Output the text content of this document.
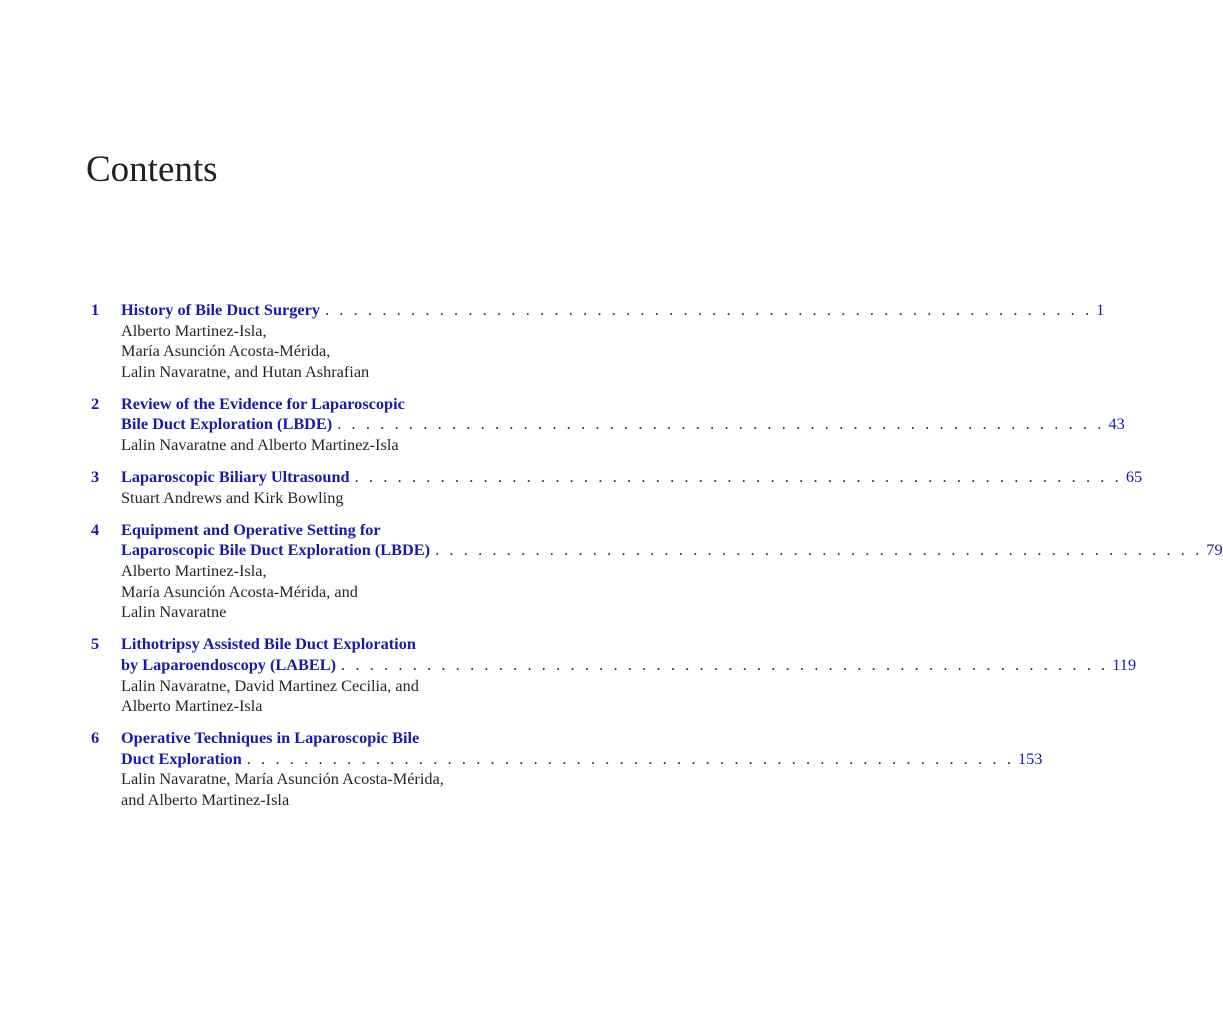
Contents
1 History of Bile Duct Surgery . . . . . . . . . . . . . . . . . . . . . . . . . . . . . . . . . . . . . . . . . . . . . . . . . . . . . . 1
Alberto Martinez-Isla,
María Asunción Acosta-Mérida,
Lalin Navaratne, and Hutan Ashrafian
2 Review of the Evidence for Laparoscopic
Bile Duct Exploration (LBDE) . . . . . . . . . . . . . . . . . . . . . . . . . . . . . . . . . . . . . . . . . . . . . . . . . . . . . . 43
Lalin Navaratne and Alberto Martinez-Isla
3 Laparoscopic Biliary Ultrasound . . . . . . . . . . . . . . . . . . . . . . . . . . . . . . . . . . . . . . . . . . . . . . . . . . . . . . 65
Stuart Andrews and Kirk Bowling
4 Equipment and Operative Setting for
Laparoscopic Bile Duct Exploration (LBDE) . . . . . . . . . . . . . . . . . . . . . . . . . . . . . . . . . . . . . . . . . . . . . . . . . . . . . . 79
Alberto Martinez-Isla,
María Asunción Acosta-Mérida, and
Lalin Navaratne
5 Lithotripsy Assisted Bile Duct Exploration
by Laparoendoscopy (LABEL) . . . . . . . . . . . . . . . . . . . . . . . . . . . . . . . . . . . . . . . . . . . . . . . . . . . . . . 119
Lalin Navaratne, David Martinez Cecilia, and
Alberto Martinez-Isla
6 Operative Techniques in Laparoscopic Bile
Duct Exploration . . . . . . . . . . . . . . . . . . . . . . . . . . . . . . . . . . . . . . . . . . . . . . . . . . . . . . 153
Lalin Navaratne, María Asunción Acosta-Mérida,
and Alberto Martinez-Isla
